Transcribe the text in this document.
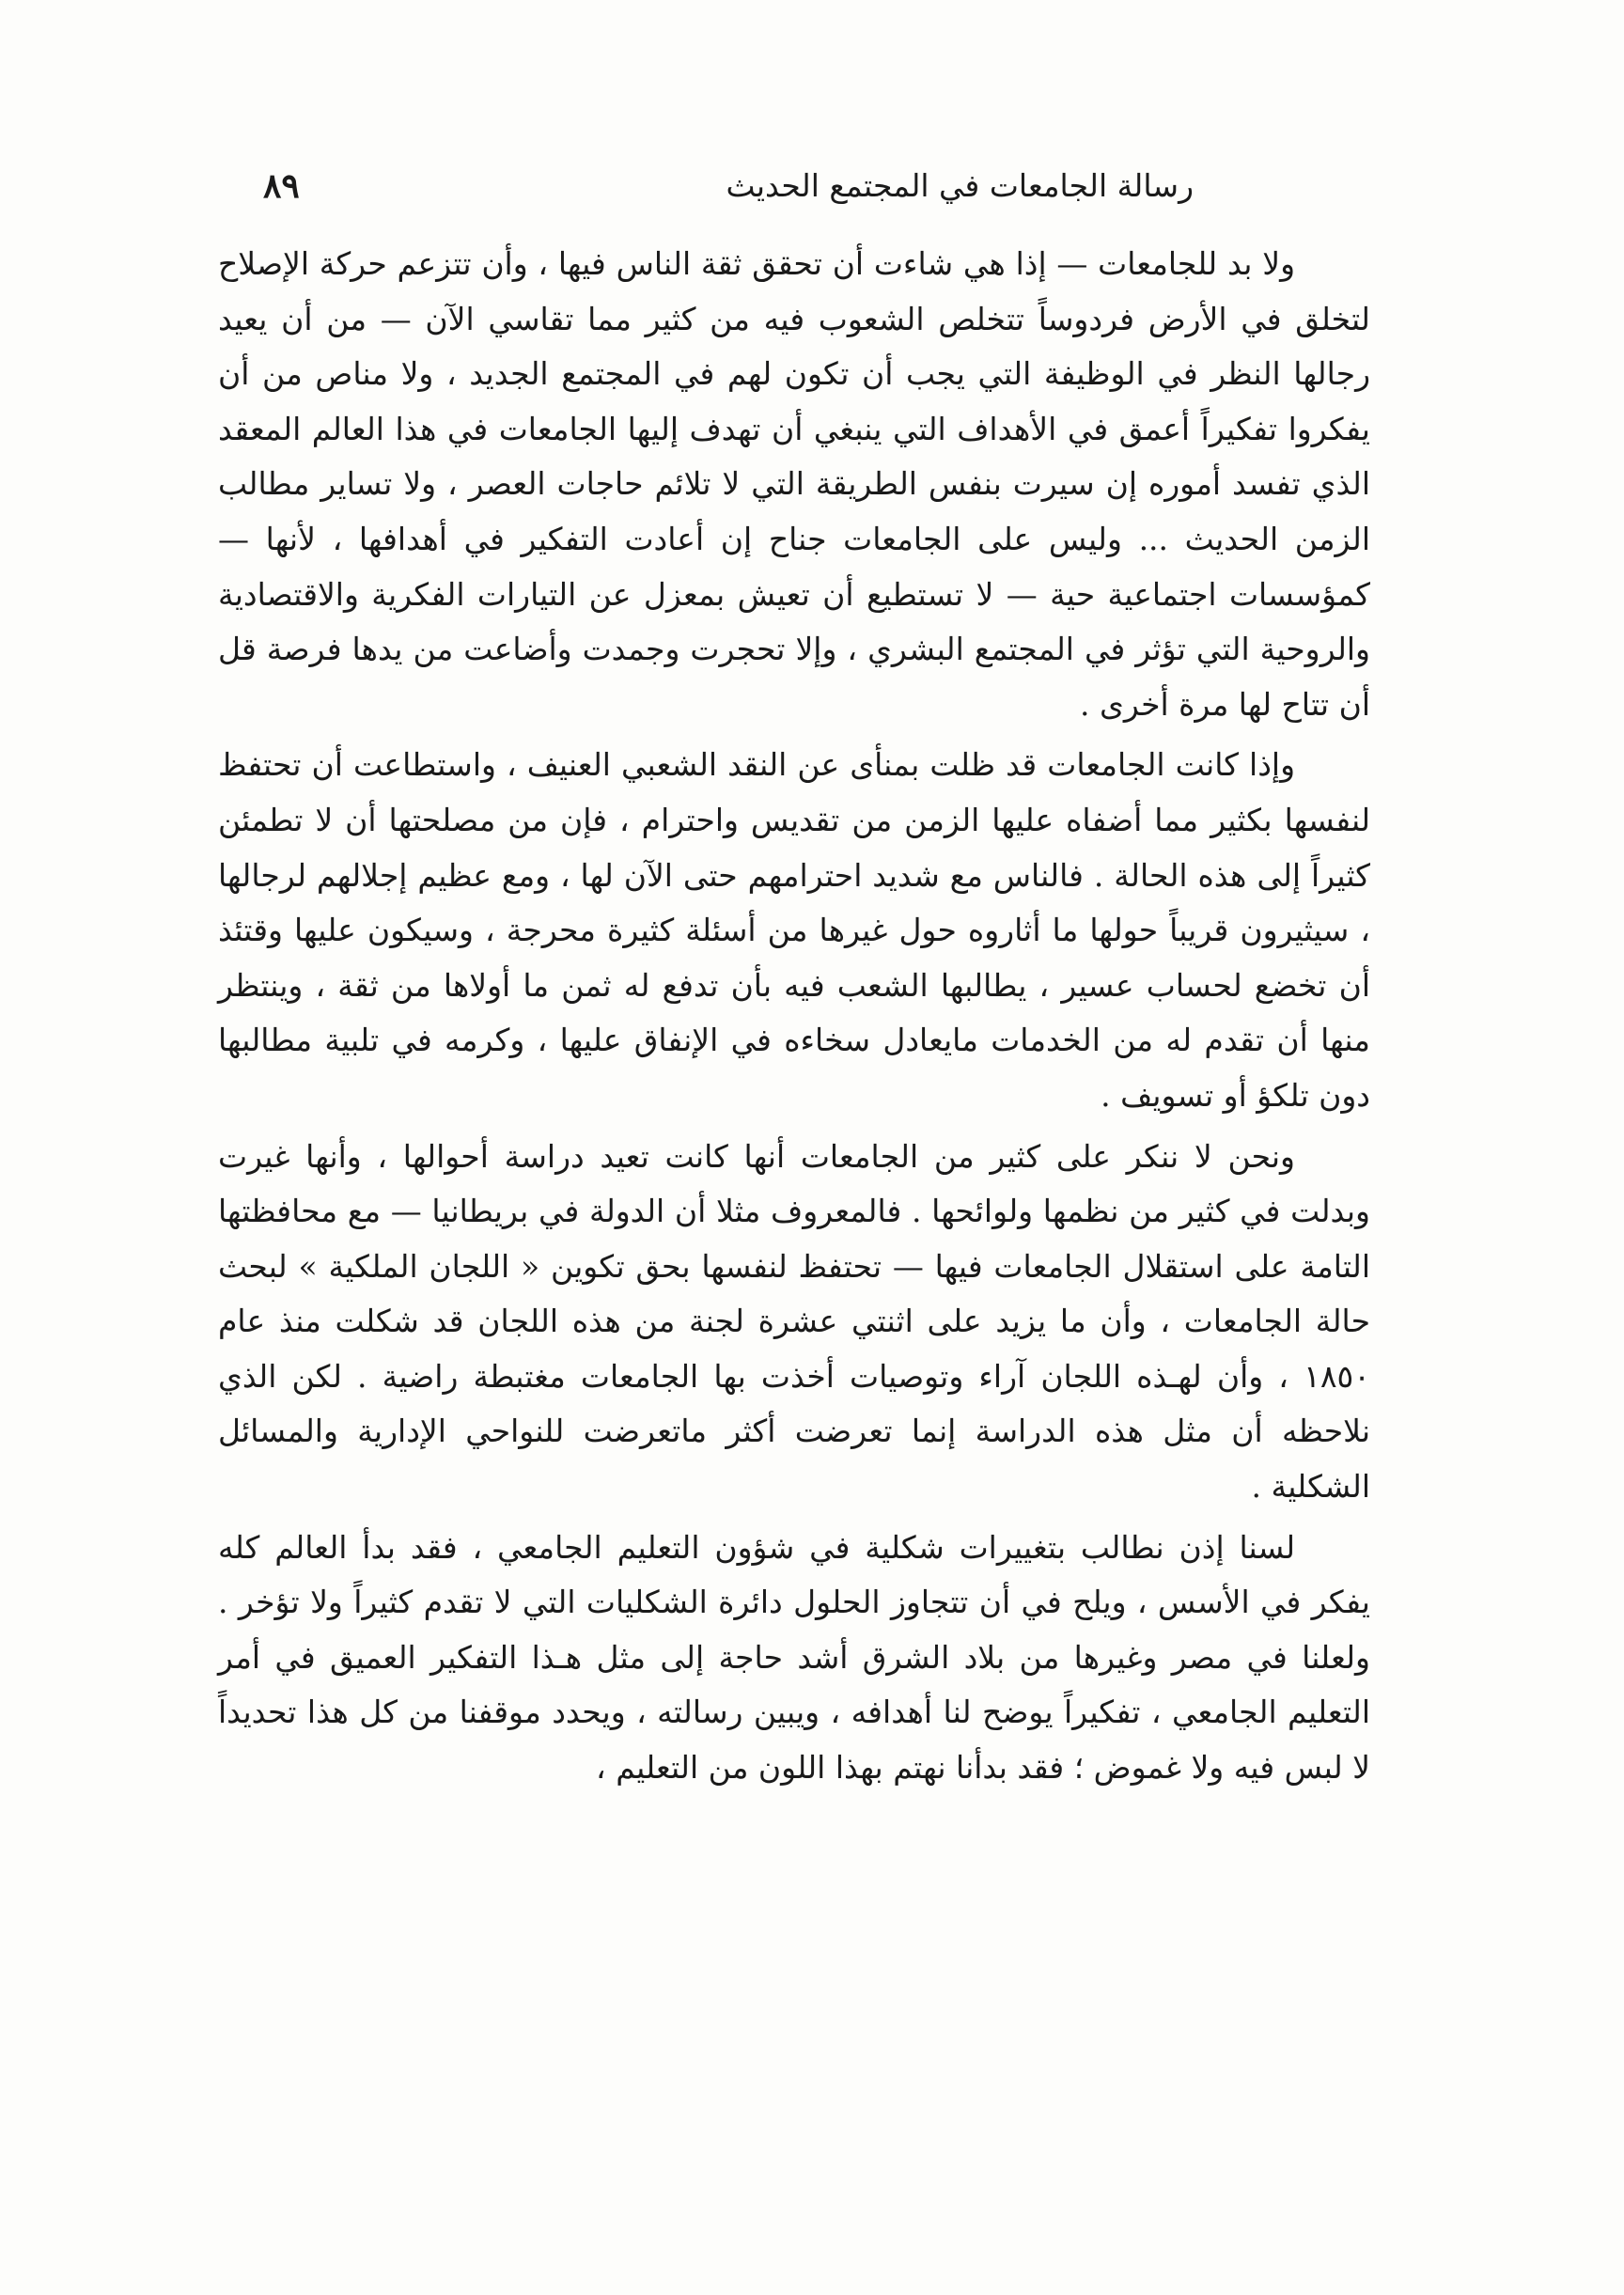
رسالة الجامعات في المجتمع الحديث
٨٩

ولا بد للجامعات — إذا هي شاءت أن تحقق ثقة الناس فيها ، وأن تتزعم حركة الإصلاح لتخلق في الأرض فردوساً تتخلص الشعوب فيه من كثير مما تقاسي الآن — من أن يعيد رجالها النظر في الوظيفة التي يجب أن تكون لهم في المجتمع الجديد ، ولا مناص من أن يفكروا تفكيراً أعمق في الأهداف التي ينبغي أن تهدف إليها الجامعات في هذا العالم المعقد الذي تفسد أموره إن سيرت بنفس الطريقة التي لا تلائم حاجات العصر ، ولا تساير مطالب الزمن الحديث ... وليس على الجامعات جناح إن أعادت التفكير في أهدافها ، لأنها — كمؤسسات اجتماعية حية — لا تستطيع أن تعيش بمعزل عن التيارات الفكرية والاقتصادية والروحية التي تؤثر في المجتمع البشري ، وإلا تحجرت وجمدت وأضاعت من يدها فرصة قل أن تتاح لها مرة أخرى .

وإذا كانت الجامعات قد ظلت بمنأى عن النقد الشعبي العنيف ، واستطاعت أن تحتفظ لنفسها بكثير مما أضفاه عليها الزمن من تقديس واحترام ، فإن من مصلحتها أن لا تطمئن كثيراً إلى هذه الحالة . فالناس مع شديد احترامهم حتى الآن لها ، ومع عظيم إجلالهم لرجالها ، سيثيرون قريباً حولها ما أثاروه حول غيرها من أسئلة كثيرة محرجة ، وسيكون عليها وقتئذ أن تخضع لحساب عسير ، يطالبها الشعب فيه بأن تدفع له ثمن ما أولاها من ثقة ، وينتظر منها أن تقدم له من الخدمات مايعادل سخاءه في الإنفاق عليها ، وكرمه في تلبية مطالبها دون تلكؤ أو تسويف .

ونحن لا ننكر على كثير من الجامعات أنها كانت تعيد دراسة أحوالها ، وأنها غيرت وبدلت في كثير من نظمها ولوائحها . فالمعروف مثلا أن الدولة في بريطانيا — مع محافظتها التامة على استقلال الجامعات فيها — تحتفظ لنفسها بحق تكوين « اللجان الملكية » لبحث حالة الجامعات ، وأن ما يزيد على اثنتي عشرة لجنة من هذه اللجان قد شكلت منذ عام ١٨٥٠ ، وأن لهـذه اللجان آراء وتوصيات أخذت بها الجامعات مغتبطة راضية . لكن الذي نلاحظه أن مثل هذه الدراسة إنما تعرضت أكثر ماتعرضت للنواحي الإدارية والمسائل الشكلية .

لسنا إذن نطالب بتغييرات شكلية في شؤون التعليم الجامعي ، فقد بدأ العالم كله يفكر في الأسس ، ويلح في أن تتجاوز الحلول دائرة الشكليات التي لا تقدم كثيراً ولا تؤخر . ولعلنا في مصر وغيرها من بلاد الشرق أشد حاجة إلى مثل هـذا التفكير العميق في أمر التعليم الجامعي ، تفكيراً يوضح لنا أهدافه ، ويبين رسالته ، ويحدد موقفنا من كل هذا تحديداً لا لبس فيه ولا غموض ؛ فقد بدأنا نهتم بهذا اللون من التعليم ،
